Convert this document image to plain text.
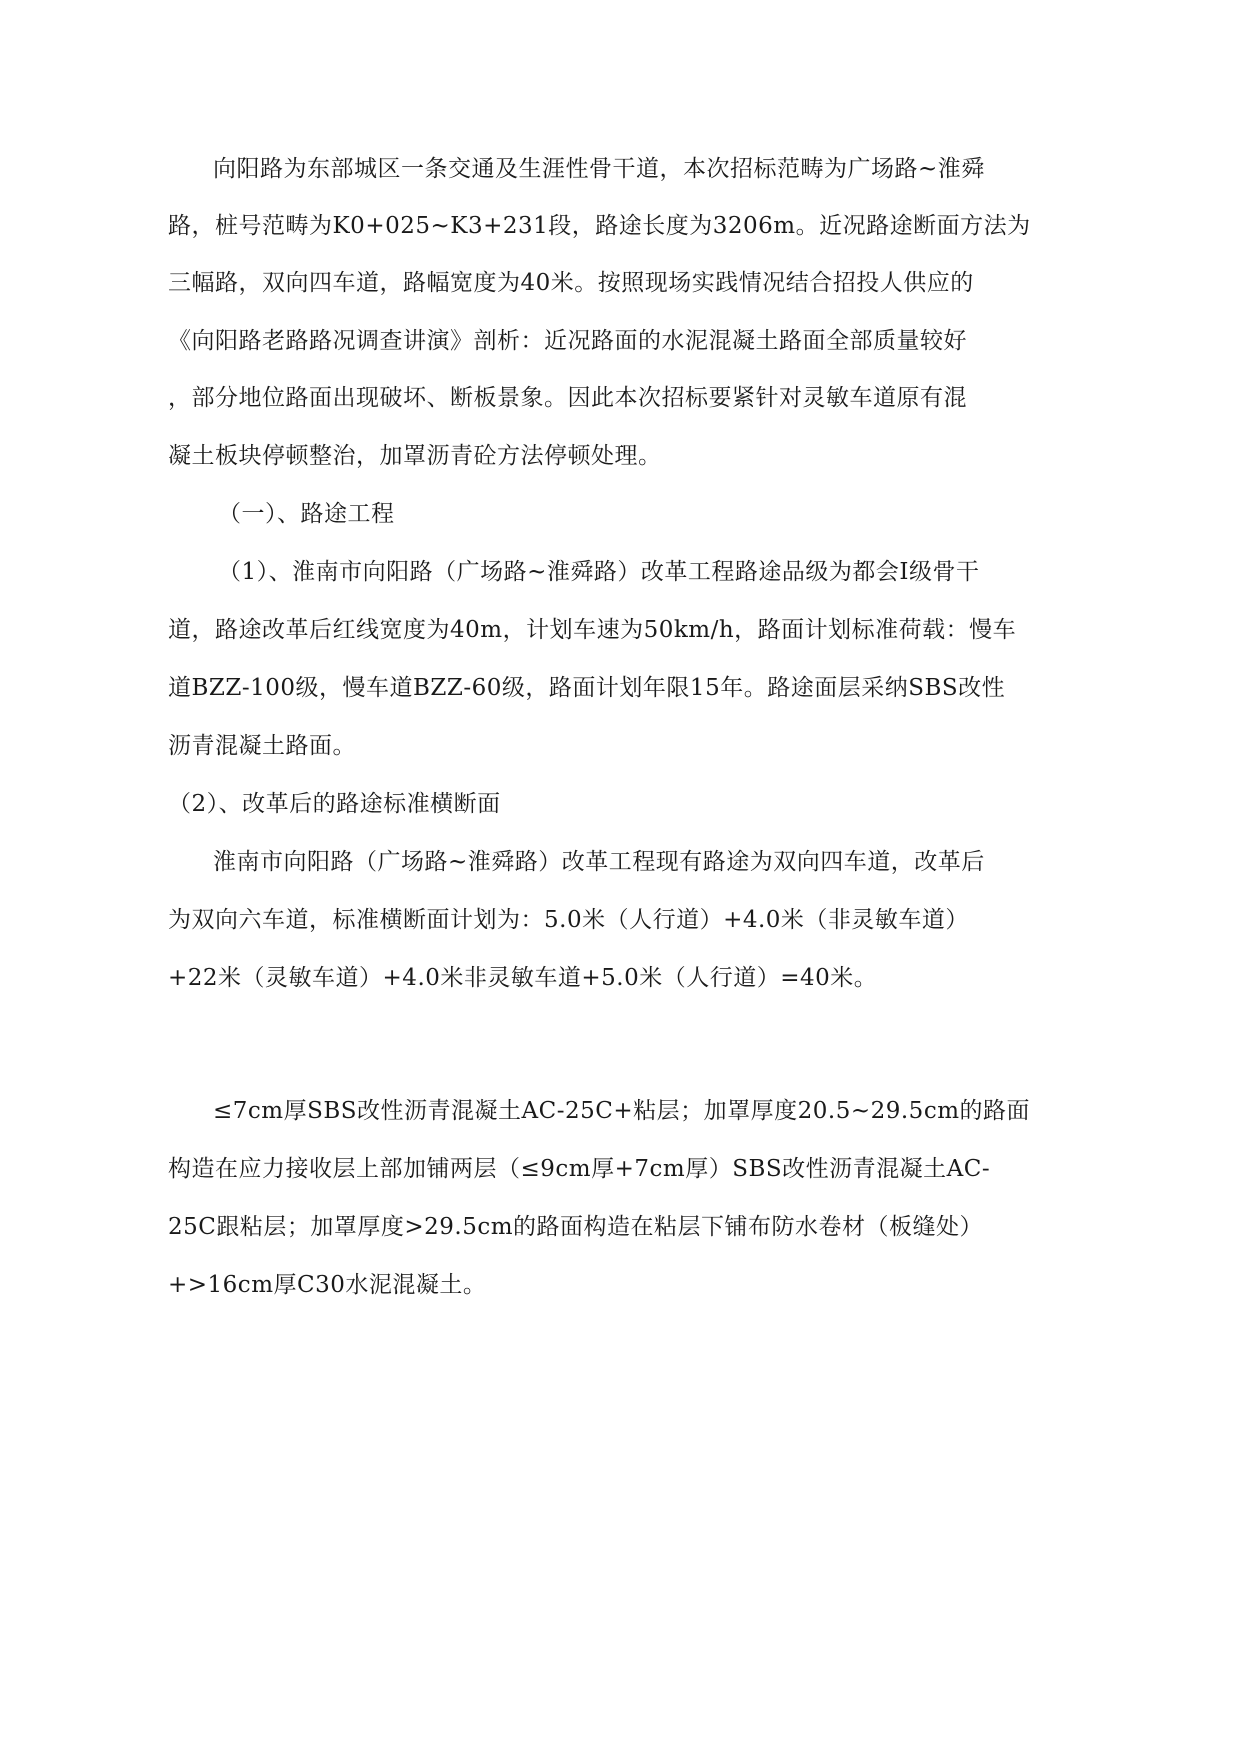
向阳路为东部城区一条交通及生涯性骨干道，本次招标范畴为广场路~淮舜
路，桩号范畴为K0+025~K3+231段，路途长度为3206m。近况路途断面方法为
三幅路，双向四车道，路幅宽度为40米。按照现场实践情况结合招投人供应的
《向阳路老路路况调查讲演》剖析：近况路面的水泥混凝土路面全部质量较好
，部分地位路面出现破坏、断板景象。因此本次招标要紧针对灵敏车道原有混
凝土板块停顿整治，加罩沥青砼方法停顿处理。
（一）、路途工程
（1）、淮南市向阳路（广场路~淮舜路）改革工程路途品级为都会Ⅰ级骨干
道，路途改革后红线宽度为40m，计划车速为50km/h，路面计划标准荷载：慢车
道BZZ-100级，慢车道BZZ-60级，路面计划年限15年。路途面层采纳SBS改性
沥青混凝土路面。
（2）、改革后的路途标准横断面
淮南市向阳路（广场路~淮舜路）改革工程现有路途为双向四车道，改革后
为双向六车道，标准横断面计划为：5.0米（人行道）+4.0米（非灵敏车道）
+22米（灵敏车道）+4.0米非灵敏车道+5.0米（人行道）=40米。
≤7cm厚SBS改性沥青混凝土AC-25C+粘层；加罩厚度20.5~29.5cm的路面
构造在应力接收层上部加铺两层（≤9cm厚+7cm厚）SBS改性沥青混凝土AC-
25C跟粘层；加罩厚度>29.5cm的路面构造在粘层下铺布防水卷材（板缝处）
+>16cm厚C30水泥混凝土。
